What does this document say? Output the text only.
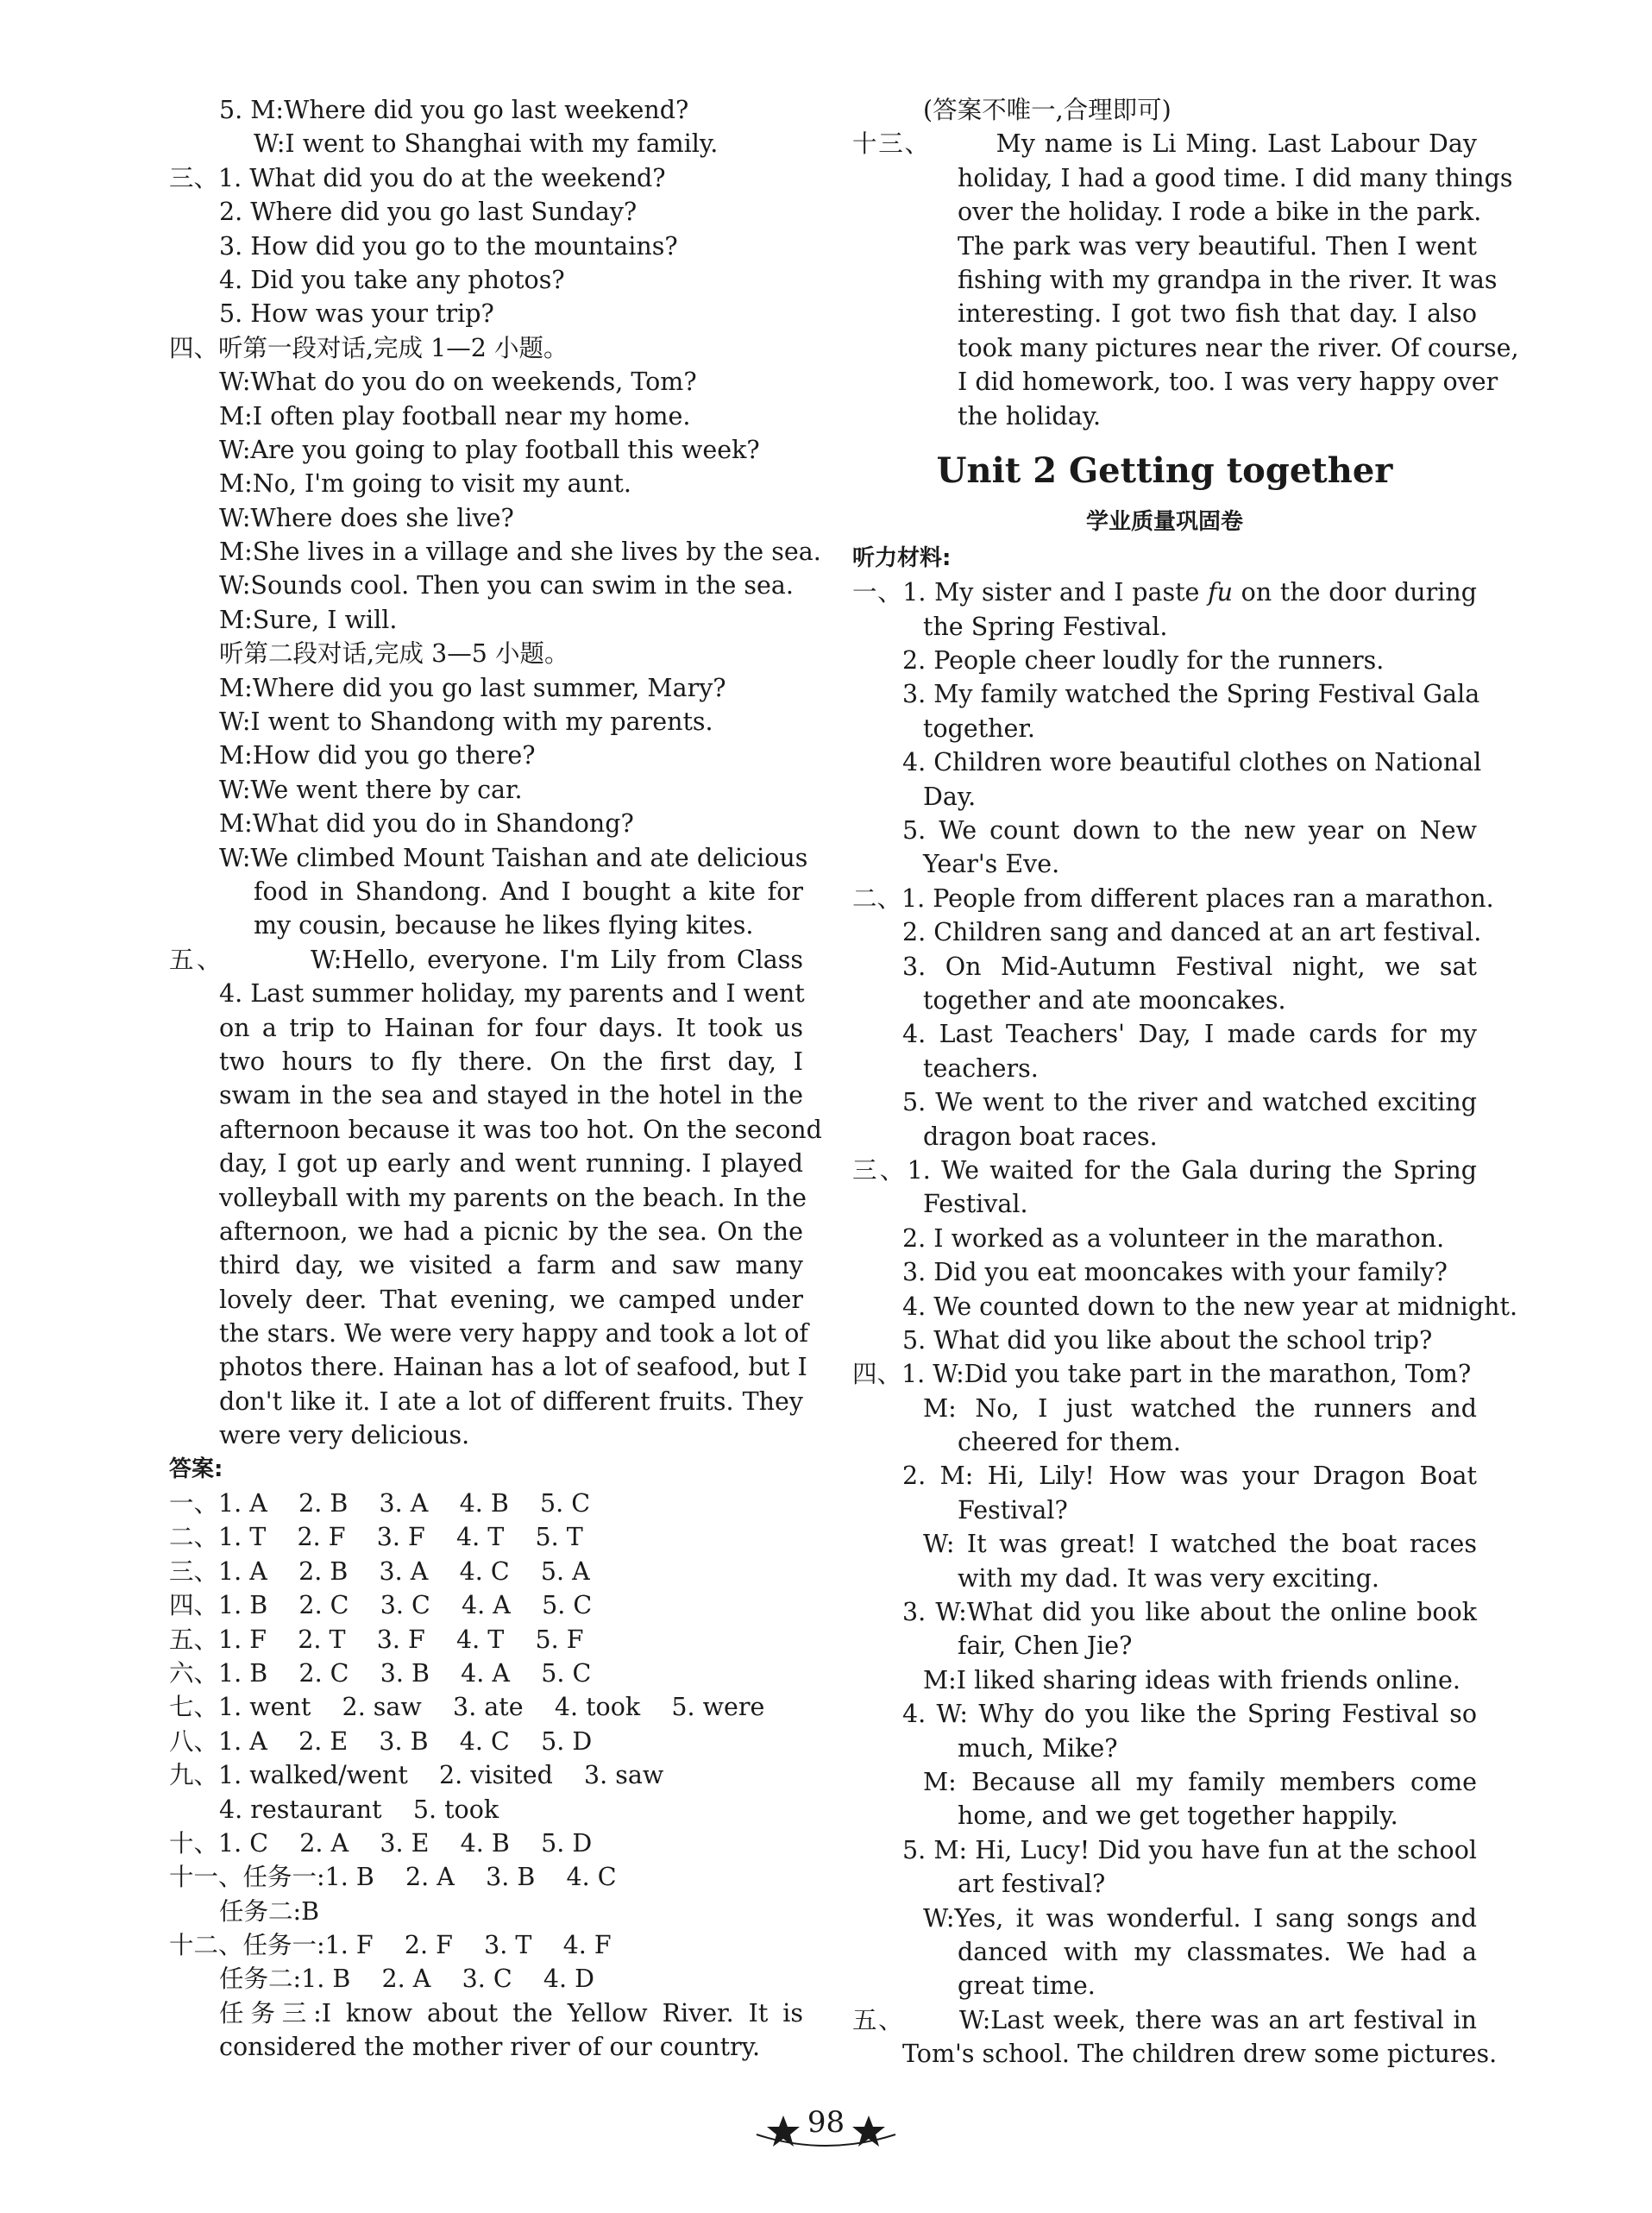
5. M:Where did you go last weekend?
W:I went to Shanghai with my family.
三、1. What did you do at the weekend?
2. Where did you go last Sunday?
3. How did you go to the mountains?
4. Did you take any photos?
5. How was your trip?
四、听第一段对话,完成 1—2 小题。
W:What do you do on weekends, Tom?
M:I often play football near my home.
W:Are you going to play football this week?
M:No, I'm going to visit my aunt.
W:Where does she live?
M:She lives in a village and she lives by the sea.
W:Sounds cool. Then you can swim in the sea.
M:Sure, I will.
听第二段对话,完成 3—5 小题。
M:Where did you go last summer, Mary?
W:I went to Shandong with my parents.
M:How did you go there?
W:We went there by car.
M:What did you do in Shandong?
W:We climbed Mount Taishan and ate delicious
food in Shandong. And I bought a kite for
my cousin, because he likes flying kites.
五、        W:Hello, everyone. I'm Lily from Class
4. Last summer holiday, my parents and I went
on a trip to Hainan for four days. It took us
two hours to fly there. On the first day, I
swam in the sea and stayed in the hotel in the
afternoon because it was too hot. On the second
day, I got up early and went running. I played
volleyball with my parents on the beach. In the
afternoon, we had a picnic by the sea. On the
third day, we visited a farm and saw many
lovely deer. That evening, we camped under
the stars. We were very happy and took a lot of
photos there. Hainan has a lot of seafood, but I
don't like it. I ate a lot of different fruits. They
were very delicious.
答案:
一、1. A    2. B    3. A    4. B    5. C
二、1. T    2. F    3. F    4. T    5. T
三、1. A    2. B    3. A    4. C    5. A
四、1. B    2. C    3. C    4. A    5. C
五、1. F    2. T    3. F    4. T    5. F
六、1. B    2. C    3. B    4. A    5. C
七、1. went    2. saw    3. ate    4. took    5. were
八、1. A    2. E    3. B    4. C    5. D
九、1. walked/went    2. visited    3. saw
4. restaurant    5. took
十、1. C    2. A    3. E    4. B    5. D
十一、任务一:1. B    2. A    3. B    4. C
任务二:B
十二、任务一:1. F    2. F    3. T    4. F
任务二:1. B    2. A    3. C    4. D
任务三:I know about the Yellow River. It is
considered the mother river of our country.
(答案不唯一,合理即可)
十三、       My name is Li Ming. Last Labour Day
holiday, I had a good time. I did many things
over the holiday. I rode a bike in the park.
The park was very beautiful. Then I went
fishing with my grandpa in the river. It was
interesting. I got two fish that day. I also
took many pictures near the river. Of course,
I did homework, too. I was very happy over
the holiday.
Unit 2 Getting together
学业质量巩固卷
听力材料:
一、1. My sister and I paste fu on the door during
the Spring Festival.
2. People cheer loudly for the runners.
3. My family watched the Spring Festival Gala
together.
4. Children wore beautiful clothes on National
Day.
5. We count down to the new year on New
Year's Eve.
二、1. People from different places ran a marathon.
2. Children sang and danced at an art festival.
3. On Mid-Autumn Festival night, we sat
together and ate mooncakes.
4. Last Teachers' Day, I made cards for my
teachers.
5. We went to the river and watched exciting
dragon boat races.
三、1. We waited for the Gala during the Spring
Festival.
2. I worked as a volunteer in the marathon.
3. Did you eat mooncakes with your family?
4. We counted down to the new year at midnight.
5. What did you like about the school trip?
四、1. W:Did you take part in the marathon, Tom?
M: No, I just watched the runners and
cheered for them.
2. M: Hi, Lily! How was your Dragon Boat
Festival?
W: It was great! I watched the boat races
with my dad. It was very exciting.
3. W:What did you like about the online book
fair, Chen Jie?
M:I liked sharing ideas with friends online.
4. W: Why do you like the Spring Festival so
much, Mike?
M: Because all my family members come
home, and we get together happily.
5. M: Hi, Lucy! Did you have fun at the school
art festival?
W:Yes, it was wonderful. I sang songs and
danced with my classmates. We had a
great time.
五、      W:Last week, there was an art festival in
Tom's school. The children drew some pictures.
98
